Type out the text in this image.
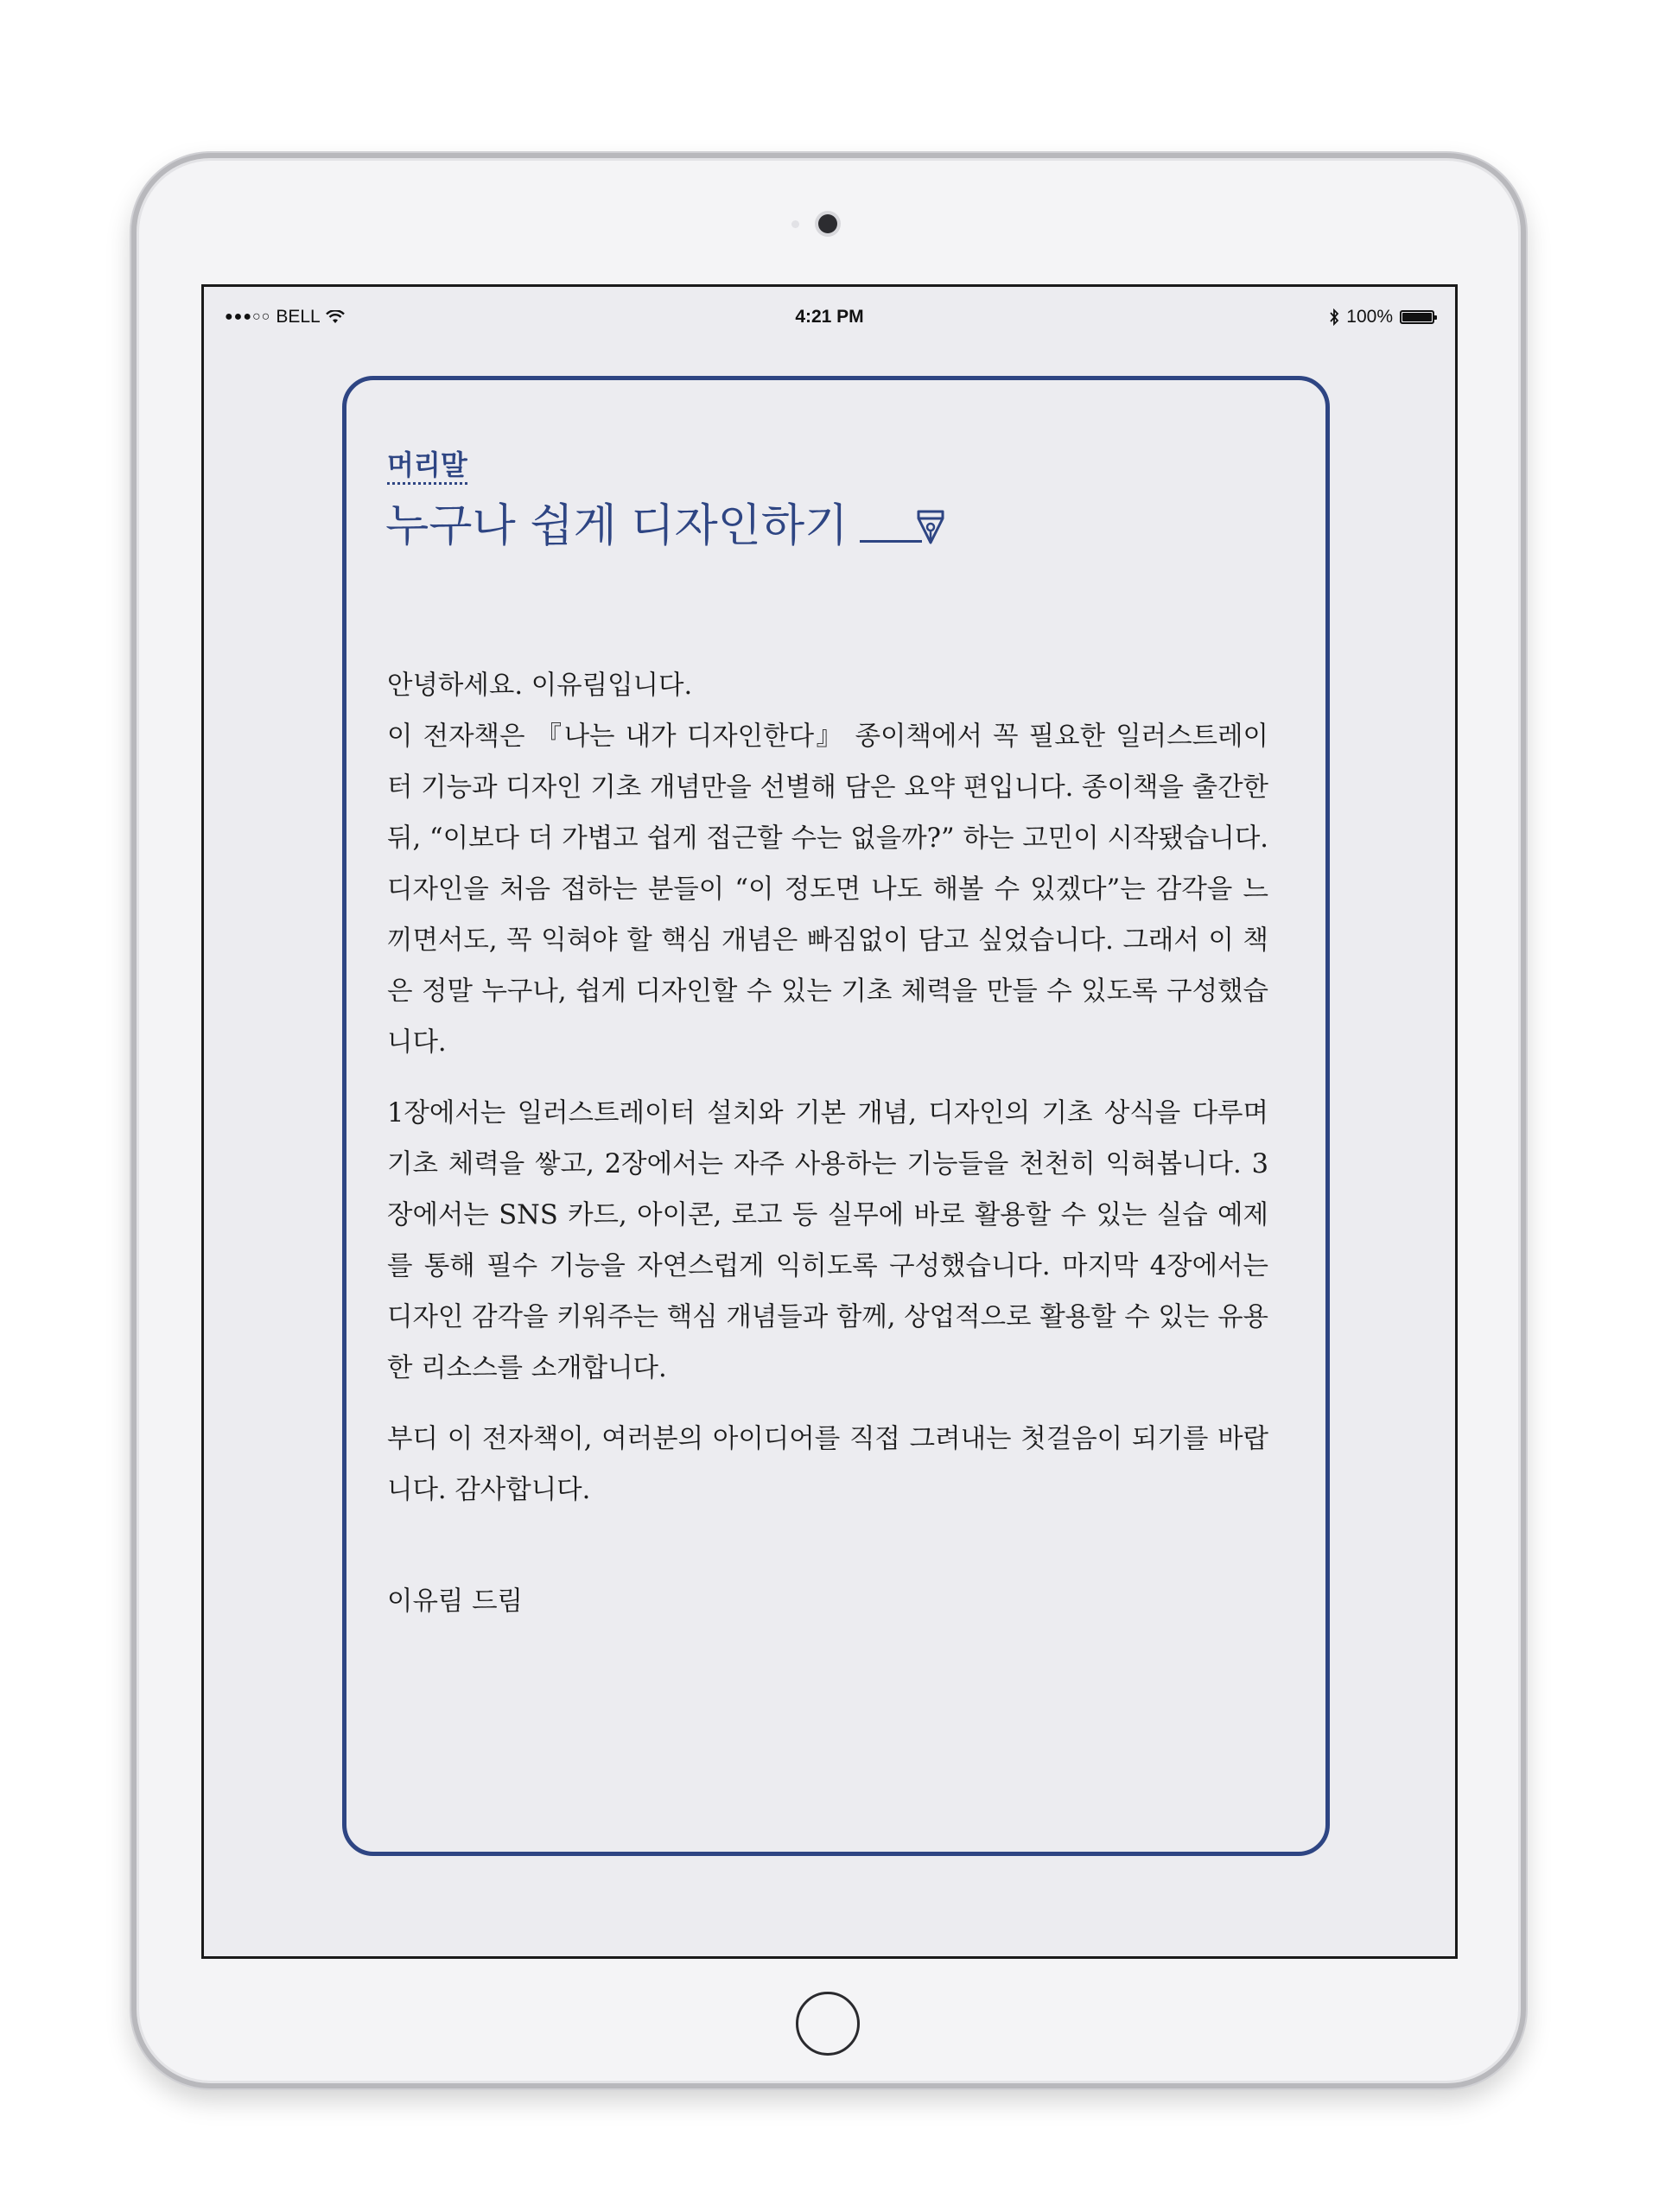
●●●○○ BELL	4:21 PM	100%
머리말
누구나 쉽게 디자인하기

안녕하세요. 이유림입니다.

이 전자책은 『나는 내가 디자인한다』 종이책에서 꼭 필요한 일러스트레이터 기능과 디자인 기초 개념만을 선별해 담은 요약 편입니다. 종이책을 출간한 뒤, “이보다 더 가볍고 쉽게 접근할 수는 없을까?” 하는 고민이 시작됐습니다. 디자인을 처음 접하는 분들이 “이 정도면 나도 해볼 수 있겠다”는 감각을 느끼면서도, 꼭 익혀야 할 핵심 개념은 빠짐없이 담고 싶었습니다. 그래서 이 책은 정말 누구나, 쉽게 디자인할 수 있는 기초 체력을 만들 수 있도록 구성했습니다.

1장에서는 일러스트레이터 설치와 기본 개념, 디자인의 기초 상식을 다루며 기초 체력을 쌓고, 2장에서는 자주 사용하는 기능들을 천천히 익혀봅니다. 3장에서는 SNS 카드, 아이콘, 로고 등 실무에 바로 활용할 수 있는 실습 예제를 통해 필수 기능을 자연스럽게 익히도록 구성했습니다. 마지막 4장에서는 디자인 감각을 키워주는 핵심 개념들과 함께, 상업적으로 활용할 수 있는 유용한 리소스를 소개합니다.

부디 이 전자책이, 여러분의 아이디어를 직접 그려내는 첫걸음이 되기를 바랍니다. 감사합니다.

이유림 드림
